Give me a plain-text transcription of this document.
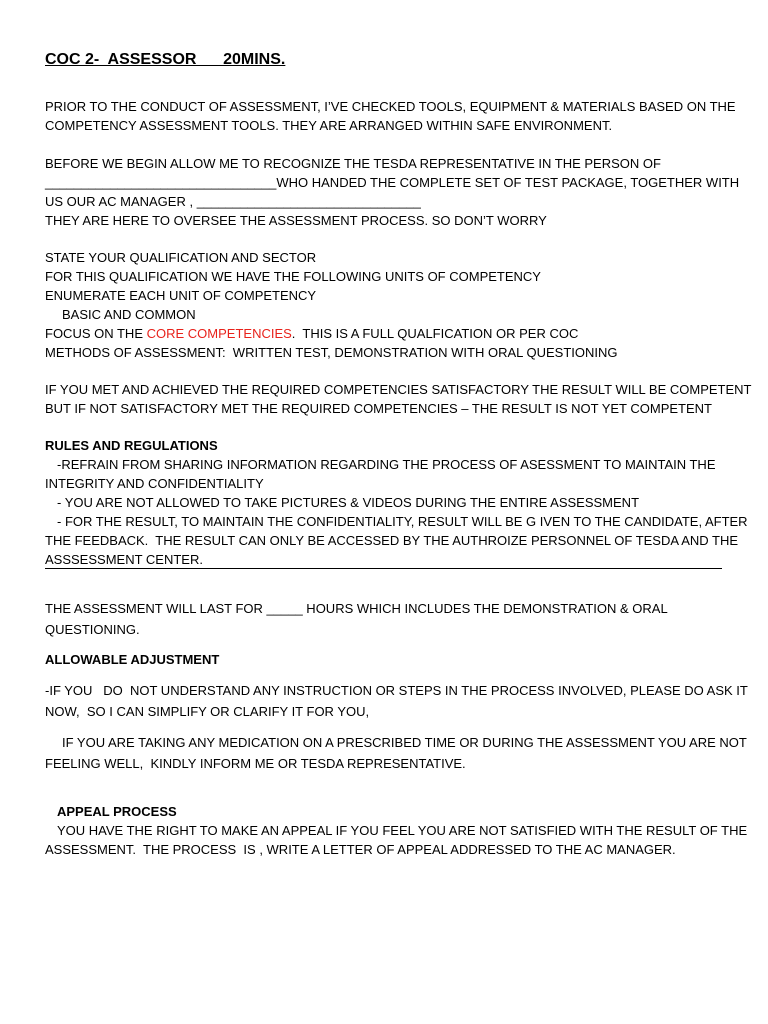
COC 2-  ASSESSOR      20MINS.
PRIOR TO THE CONDUCT OF ASSESSMENT, I’VE CHECKED TOOLS, EQUIPMENT & MATERIALS BASED ON THE
COMPETENCY ASSESSMENT TOOLS. THEY ARE ARRANGED WITHIN SAFE ENVIRONMENT.
BEFORE WE BEGIN ALLOW ME TO RECOGNIZE THE TESDA REPRESENTATIVE IN THE PERSON OF
________________________________WHO HANDED THE COMPLETE SET OF TEST PACKAGE, TOGETHER WITH
US OUR AC MANAGER , _______________________________
THEY ARE HERE TO OVERSEE THE ASSESSMENT PROCESS. SO DON’T WORRY
STATE YOUR QUALIFICATION AND SECTOR
FOR THIS QUALIFICATION WE HAVE THE FOLLOWING UNITS OF COMPETENCY
ENUMERATE EACH UNIT OF COMPETENCY
BASIC AND COMMON
FOCUS ON THE CORE COMPETENCIES.  THIS IS A FULL QUALFICATION OR PER COC
METHODS OF ASSESSMENT:  WRITTEN TEST, DEMONSTRATION WITH ORAL QUESTIONING
IF YOU MET AND ACHIEVED THE REQUIRED COMPETENCIES SATISFACTORY THE RESULT WILL BE COMPETENT
BUT IF NOT SATISFACTORY MET THE REQUIRED COMPETENCIES – THE RESULT IS NOT YET COMPETENT
RULES AND REGULATIONS
-REFRAIN FROM SHARING INFORMATION REGARDING THE PROCESS OF ASESSMENT TO MAINTAIN THE
INTEGRITY AND CONFIDENTIALITY
- YOU ARE NOT ALLOWED TO TAKE PICTURES & VIDEOS DURING THE ENTIRE ASSESSMENT
- FOR THE RESULT, TO MAINTAIN THE CONFIDENTIALITY, RESULT WILL BE G IVEN TO THE CANDIDATE, AFTER
THE FEEDBACK.  THE RESULT CAN ONLY BE ACCESSED BY THE AUTHROIZE PERSONNEL OF TESDA AND THE
ASSSESSMENT CENTER.
THE ASSESSMENT WILL LAST FOR _____ HOURS WHICH INCLUDES THE DEMONSTRATION & ORAL
QUESTIONING.
ALLOWABLE ADJUSTMENT
-IF YOU   DO  NOT UNDERSTAND ANY INSTRUCTION OR STEPS IN THE PROCESS INVOLVED, PLEASE DO ASK IT
NOW,  SO I CAN SIMPLIFY OR CLARIFY IT FOR YOU,
IF YOU ARE TAKING ANY MEDICATION ON A PRESCRIBED TIME OR DURING THE ASSESSMENT YOU ARE NOT
FEELING WELL,  KINDLY INFORM ME OR TESDA REPRESENTATIVE.
APPEAL PROCESS
YOU HAVE THE RIGHT TO MAKE AN APPEAL IF YOU FEEL YOU ARE NOT SATISFIED WITH THE RESULT OF THE
ASSESSMENT.  THE PROCESS  IS , WRITE A LETTER OF APPEAL ADDRESSED TO THE AC MANAGER.
